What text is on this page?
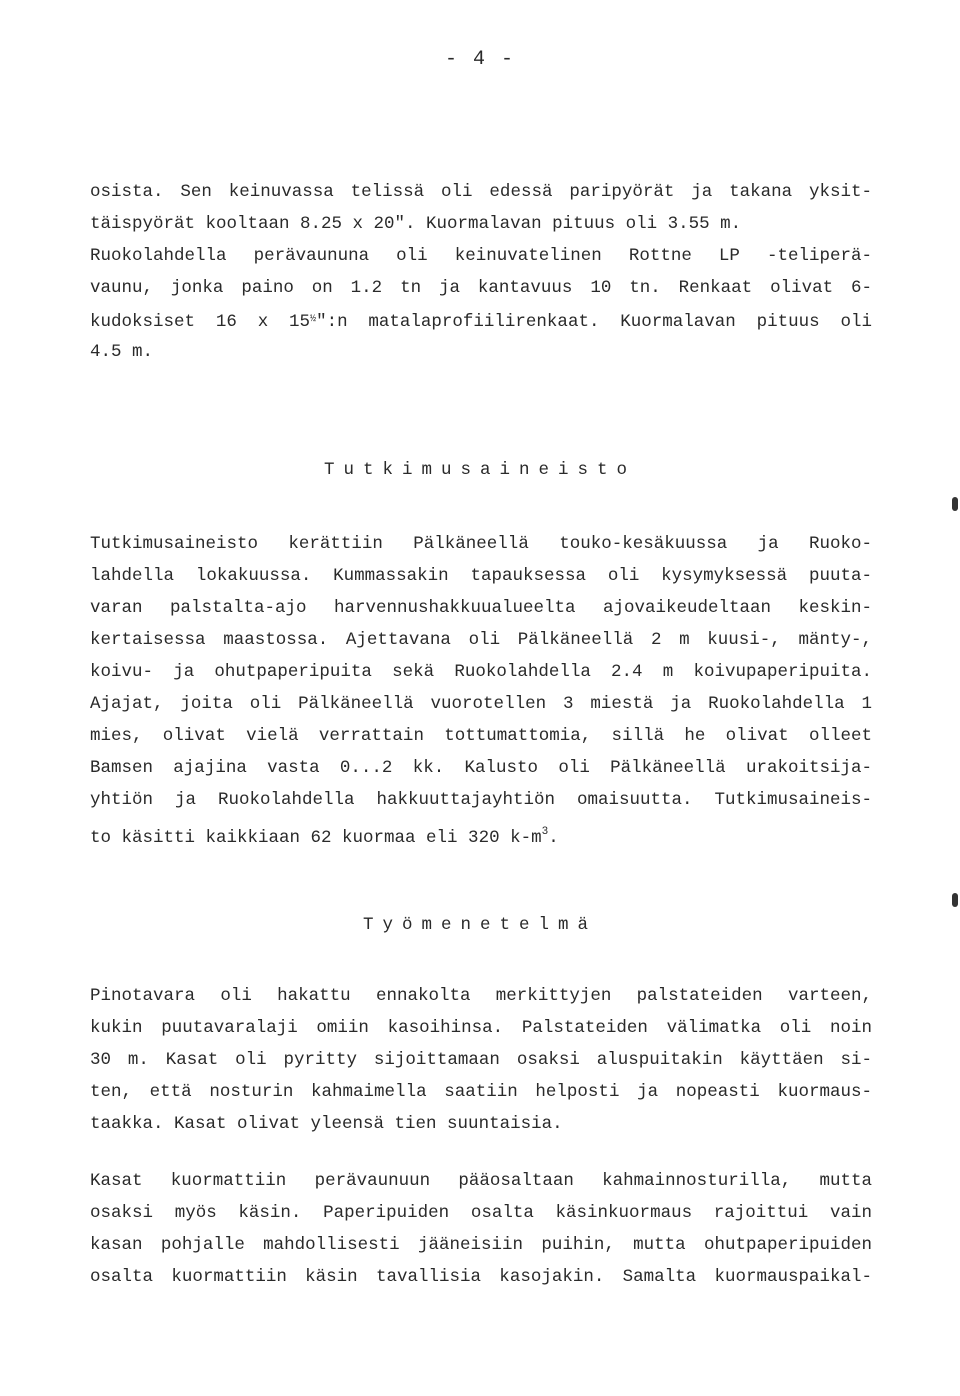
- 4 -
osista. Sen keinuvassa telissä oli edessä paripyörät ja takana yksit-
täispyörät kooltaan 8.25 x 20". Kuormalavan pituus oli 3.55 m.
Ruokolahdella perävaununa oli keinuvatelinen Rottne LP -teliperä-
vaunu, jonka paino on 1.2 tn ja kantavuus 10 tn. Renkaat olivat 6-
kudoksiset 16 x $15^{\frac{1}{2}}":n$ matalaprofiilirenkaat. Kuormalavan pituus oli
4.5 m.
Tutkimusaineisto
Tutkimusaineisto kerättiin Pälkäneellä touko-kesäkuussa ja Ruoko-
lahdella lokakuussa. Kummassakin tapauksessa oli kysymyksessä puuta-
varan palstalta-ajo harvennushakkuualueelta ajovaikeudeltaan keskin-
kertaisessa maastossa. Ajettavana oli Pälkäneellä 2 m kuusi-, mänty-,
koivu- ja ohutpaperipuita sekä Ruokolahdella 2.4 m koivupaperipuita.
Ajajat, joita oli Pälkäneellä vuorotellen 3 miestä ja Ruokolahdella 1
mies, olivat vielä verrattain tottumattomia, sillä he olivat olleet
Bamsen ajajina vasta 0...2 kk. Kalusto oli Pälkäneellä urakoitsija-
yhtiön ja Ruokolahdella hakkuuttajayhtiön omaisuutta. Tutkimusaineis-
to käsitti kaikkiaan 62 kuormaa eli 320 $k-m^3$.
Työmenetelmä
Pinotavara oli hakattu ennakolta merkittyjen palstateiden varteen,
kukin puutavaralaji omiin kasoihinsa. Palstateiden välimatka oli noin
30 m. Kasat oli pyritty sijoittamaan osaksi aluspuitakin käyttäen si-
ten, että nosturin kahmaimella saatiin helposti ja nopeasti kuormaus-
taakka. Kasat olivat yleensä tien suuntaisia.
Kasat kuormattiin perävaunuun pääosaltaan kahmainnosturilla, mutta
osaksi myös käsin. Paperipuiden osalta käsinkuormaus rajoittui vain
kasan pohjalle mahdollisesti jääneisiin puihin, mutta ohutpaperipuiden
osalta kuormattiin käsin tavallisia kasojakin. Samalta kuormauspaikal-
